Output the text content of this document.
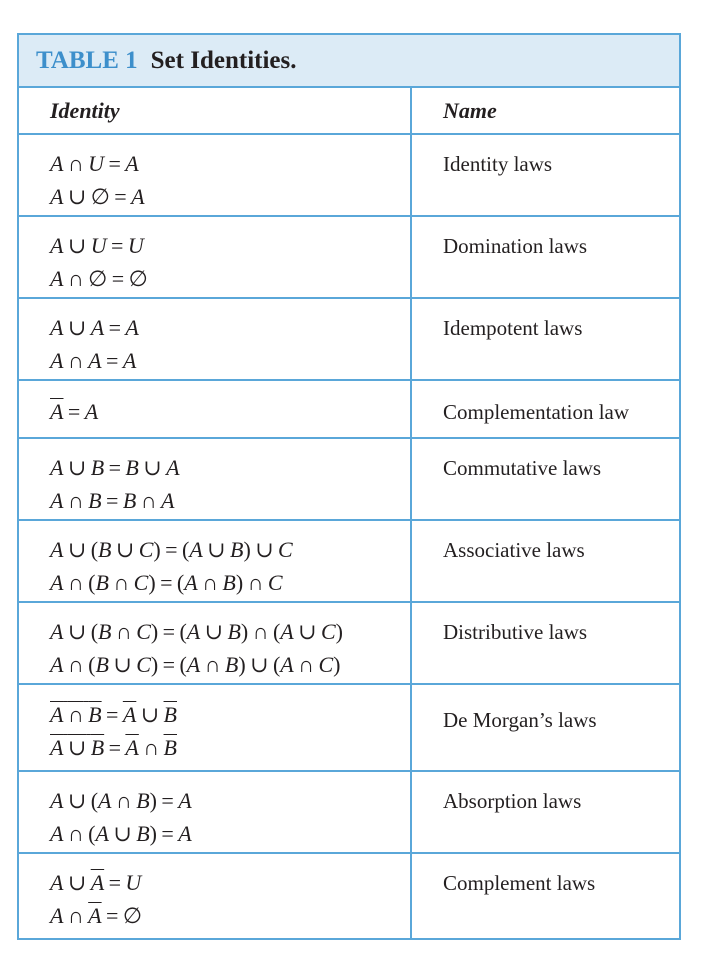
TABLE 1 Set Identities.
Identity	Name
A  ∩  U  =  A
A  ∪  ∅  =  A
Identity laws
A  ∪  U  =  U
A  ∩  ∅  =  ∅
Domination laws
A  ∪  A  =  A
A  ∩  A  =  A
Idempotent laws
A  =  A	Complementation law
A  ∪  B  =  B  ∪  A
A  ∩  B  =  B  ∩  A
Commutative laws
A  ∪  (B  ∪  C)  =  (A  ∪  B)  ∪  C
A  ∩  (B  ∩  C)  =  (A  ∩  B)  ∩  C
Associative laws
A  ∪  (B  ∩  C)  =  (A  ∪  B)  ∩  (A  ∪  C)
A  ∩  (B  ∪  C)  =  (A  ∩  B)  ∪  (A  ∩  C)
Distributive laws
A  ∩  $B = \overline{A}$  ∪  $\overline{B}$
A  ∪  $B = \overline{A}$  ∩  $\overline{B}$
De Morgan’s laws
A  ∪  (A  ∩  B)  =  A
A  ∩  (A  ∪  B)  =  A
Absorption laws
A  ∪  $\overline{A} = U$
A  ∩  $\overline{A}$  =  ∅
Complement laws
